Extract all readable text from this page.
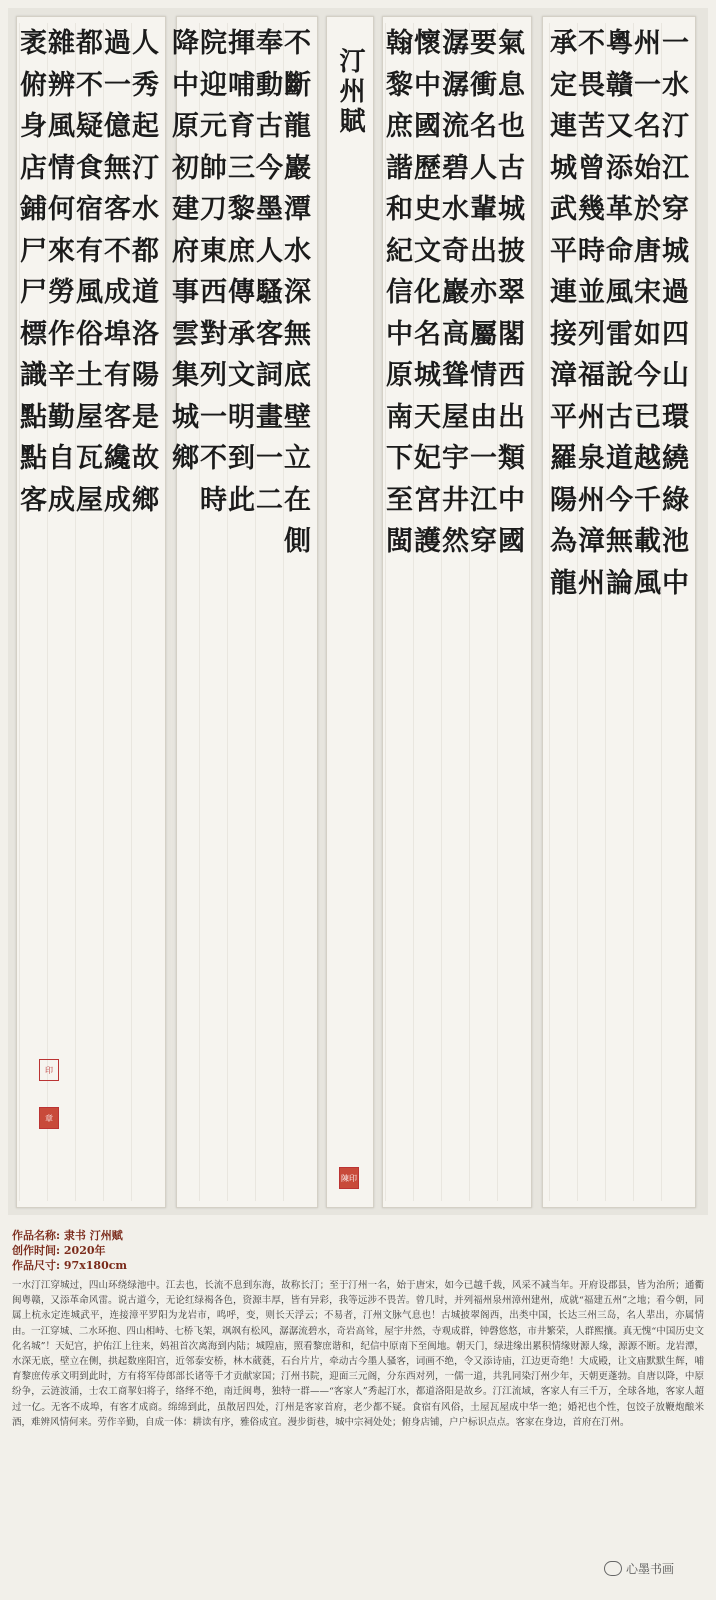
一
水
汀
江
穿
城
過
四
山
環
繞
綠
池
中
州
一
名
始
於
唐
宋
如
今
已
越
千
載
風
粵
贛
又
添
革
命
風
雷
說
古
道
今
無
論
不
畏
苦
曾
幾
時
並
列
福
州
泉
州
漳
州
承
定
連
城
武
平
連
接
漳
平
羅
陽
為
龍
氣
息
也
古
城
披
翠
閣
西
出
類
中
國
要
衝
名
人
輩
出
亦
屬
情
由
一
江
穿
潺
潺
流
碧
水
奇
巖
高
聳
屋
宇
井
然
懷
中
國
歷
史
文
化
名
城
天
妃
宮
護
翰
黎
庶
諧
和
紀
信
中
原
南
下
至
閩
汀州賦
陳印
不
斷
龍
巖
潭
水
深
無
底
壁
立
在
側
奉
動
古
今
墨
人
騷
客
詞
畫
一
二
揮
哺
育
三
黎
庶
傳
承
文
明
到
此
院
迎
元
帥
刀
東
西
對
列
一
不
時
降
中
原
初
建
府
事
雲
集
城
鄉
人
秀
起
汀
水
都
道
洛
陽
是
故
鄉
過
一
億
無
客
不
成
埠
有
客
纔
成
都
不
疑
食
宿
有
風
俗
土
屋
瓦
屋
雜
辨
風
情
何
來
勞
作
辛
勤
自
成
袤
俯
身
店
鋪
尸
尸
標
識
點
點
客
印
章
作品名称: 隶书 汀州赋
创作时间: 2020年
作品尺寸: 97x180cm
一水汀江穿城过，四山环绕绿池中。江去也，长流不息到东海，故称长汀；至于汀州一名，始于唐宋，如今已越千载，风采不减当年。开府设郡县，皆为治所；通衢闽粤赣，又添革命风雷。说古道今，无论红绿褐各色，资源丰厚，皆有异彩，我等远涉不畏苦。曾几时，并列福州泉州漳州建州，成就“福建五州”之地；看今朝，同属上杭永定连城武平，连接漳平罗阳为龙岩市，鸣呼，变，则长天浮云；不易者，汀州文脉气息也！古城披翠阁西，出类中国，长达三州三岛，名人辈出，亦属情由。一江穿城、二水环抱、四山相峙、七桥飞架，飒飒有松风，潺潺流碧水，奇岩高耸，屋宇井然，寺观成群，钟磬悠悠，市井繁荣，人群熙攘。真无愧“中国历史文化名城”！天妃宫，护佑江上往来，妈祖首次离海到内陆；城隍庙，照看黎庶谐和，纪信中原南下至闽地。朝天门，绿进缘出累积情缘财源人缘，源源不断。龙岩潭，水深无底，壁立在侧，拱起数座阳宫，近邻泰安桥，林木葳蕤，石台片片，牵动古今墨人骚客，词画不绝，令又添诗庙，江边更奇绝！大成殿，让文庙默默生辉，哺育黎庶传承文明到此时，方有将军侍郎部长诸等千才贡献家国；汀州书院，迎面三元阁，分东西对列，一儒一道，共乳同染汀州少年，天朝更蓬勃。自唐以降，中原纷争，云涟波涌，士农工商挈妇将子，络绎不绝，南迁闽粤，独特一群——“客家人”秀起汀水，都道洛阳是故乡。汀江流域，客家人有三千万，全球各地，客家人超过一亿。无客不成埠，有客才成商。绵绵到此，虽散居四处，汀州是客家首府，老少都不疑。食宿有风俗，土屋瓦屋成中华一绝；婚祀也个性，包饺子放鞭炮酿米酒，难辨风情何来。劳作辛勤，自成一体：耕读有序，雅俗成宜。漫步街巷，城中宗祠处处；俯身店铺，户户标识点点。客家在身边，首府在汀州。
心墨书画
